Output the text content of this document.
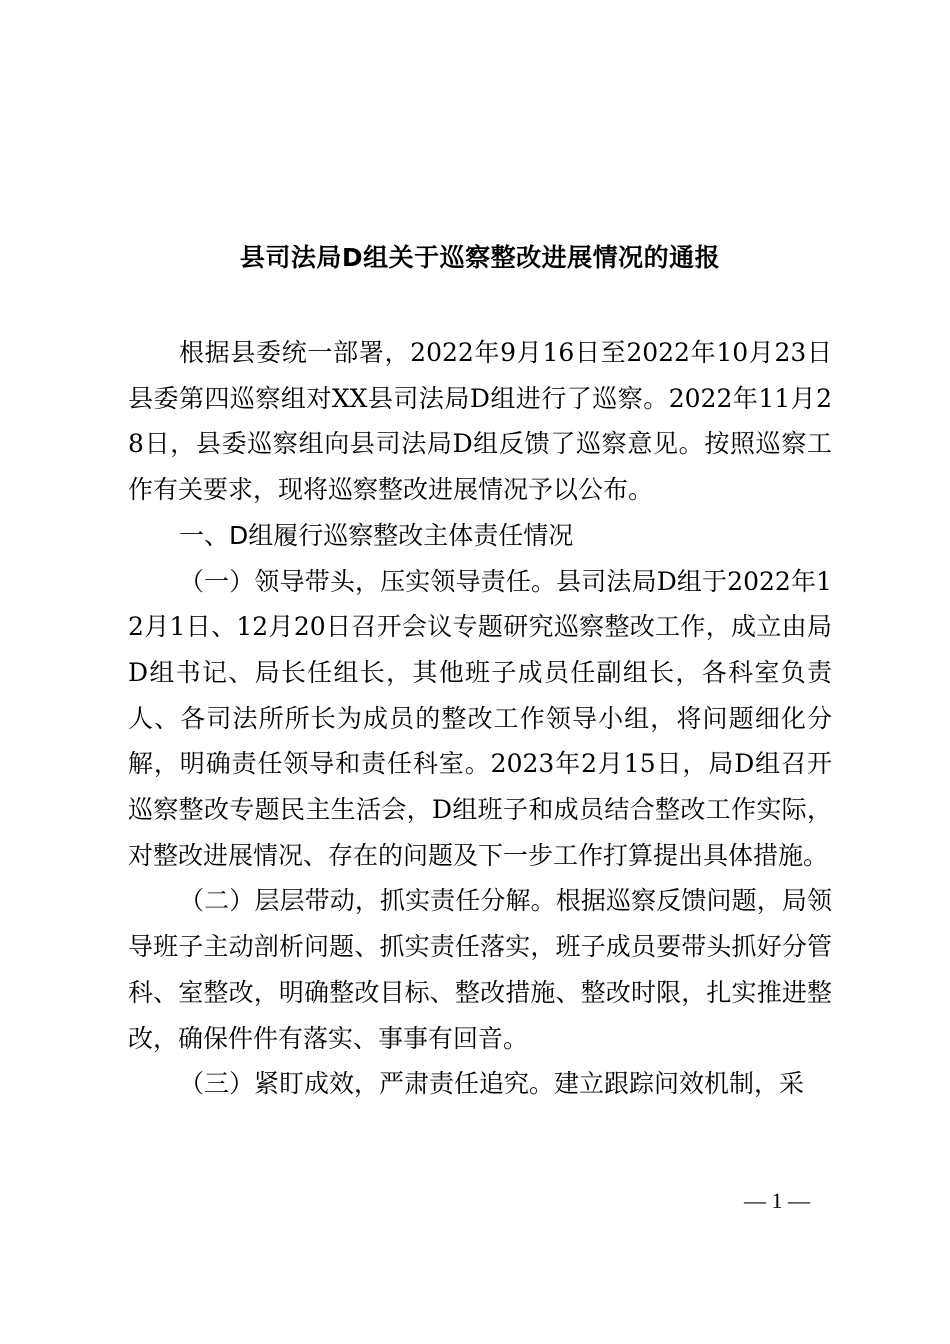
县司法局D组关于巡察整改进展情况的通报

根据县委统一部署，2022年9月16日至2022年10月23日县委第四巡察组对XX县司法局D组进行了巡察。2022年11月28日，县委巡察组向县司法局D组反馈了巡察意见。按照巡察工作有关要求，现将巡察整改进展情况予以公布。

一、D组履行巡察整改主体责任情况

（一）领导带头，压实领导责任。县司法局D组于2022年12月1日、12月20日召开会议专题研究巡察整改工作，成立由局D组书记、局长任组长，其他班子成员任副组长，各科室负责人、各司法所所长为成员的整改工作领导小组，将问题细化分解，明确责任领导和责任科室。2023年2月15日，局D组召开巡察整改专题民主生活会，D组班子和成员结合整改工作实际，对整改进展情况、存在的问题及下一步工作打算提出具体措施。

（二）层层带动，抓实责任分解。根据巡察反馈问题，局领导班子主动剖析问题、抓实责任落实，班子成员要带头抓好分管科、室整改，明确整改目标、整改措施、整改时限，扎实推进整改，确保件件有落实、事事有回音。

（三）紧盯成效，严肃责任追究。建立跟踪问效机制，采

— 1 —
